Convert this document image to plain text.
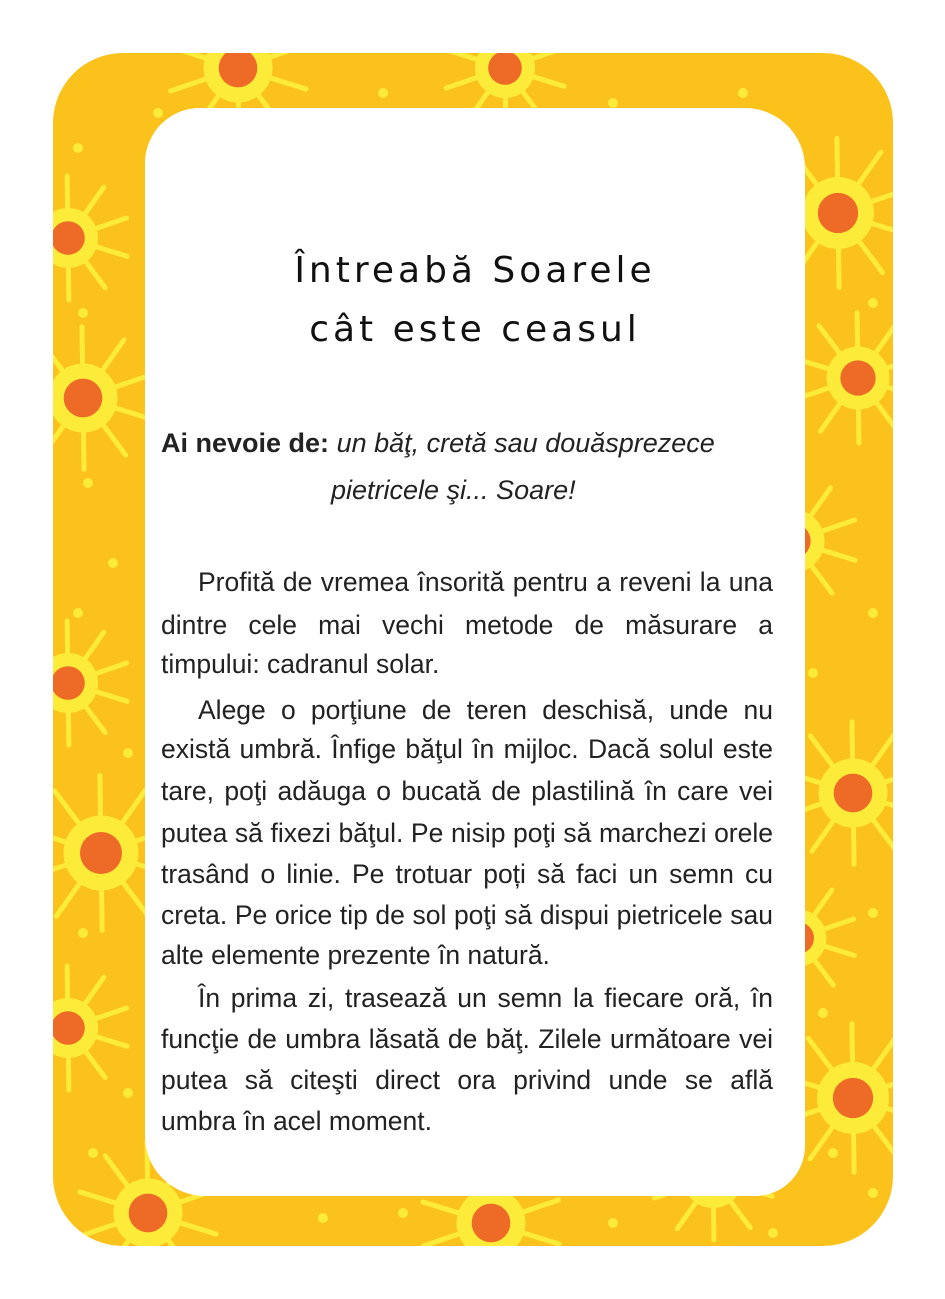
Întreabă Soarele
cât este ceasul
Ai nevoie de: un băţ, cretă sau douăsprezece
pietricele şi... Soare!
Profită de vremea însorită pentru a reveni la una
dintre cele mai vechi metode de măsurare a
timpului: cadranul solar.
Alege o porţiune de teren deschisă, unde nu
există umbră. Înfige băţul în mijloc. Dacă solul este
tare, poţi adăuga o bucată de plastilină în care vei
putea să fixezi băţul. Pe nisip poţi să marchezi orele
trasând o linie. Pe trotuar poți să faci un semn cu
creta. Pe orice tip de sol poţi să dispui pietricele sau
alte elemente prezente în natură.
În prima zi, trasează un semn la fiecare oră, în
funcţie de umbra lăsată de băţ. Zilele următoare vei
putea să citeşti direct ora privind unde se află
umbra în acel moment.
